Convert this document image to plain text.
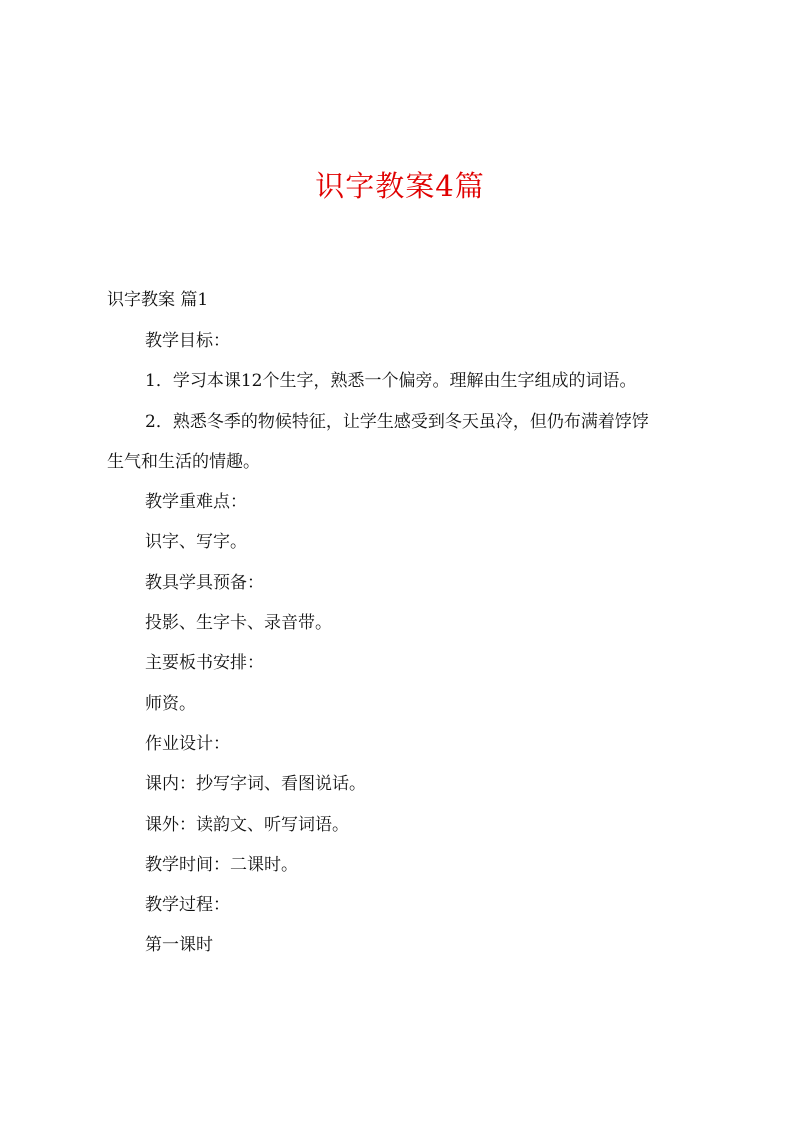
识字教案4篇

识字教案 篇1

教学目标：
1．学习本课12个生字，熟悉一个偏旁。理解由生字组成的词语。
2．熟悉冬季的物候特征，让学生感受到冬天虽冷，但仍布满着饽饽
生气和生活的情趣。
教学重难点：
识字、写字。
教具学具预备：
投影、生字卡、录音带。
主要板书安排：
师资。
作业设计：
课内：抄写字词、看图说话。
课外：读韵文、听写词语。
教学时间：二课时。
教学过程：
第一课时
